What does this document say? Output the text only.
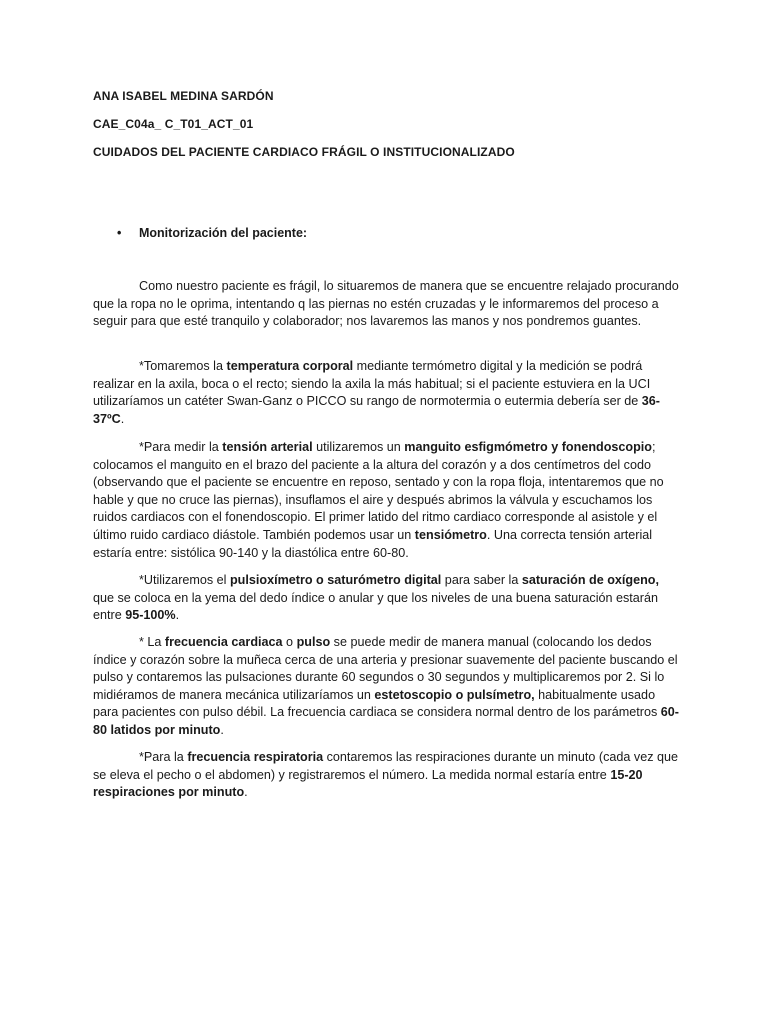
ANA ISABEL MEDINA SARDÓN
CAE_C04a_ C_T01_ACT_01
CUIDADOS DEL PACIENTE CARDIACO FRÁGIL O INSTITUCIONALIZADO
• Monitorización del paciente:

Como nuestro paciente es frágil, lo situaremos de manera que se encuentre relajado procurando que la ropa no le oprima, intentando q las piernas no estén cruzadas y le informaremos del proceso a seguir para que esté tranquilo y colaborador; nos lavaremos las manos y nos pondremos guantes.

*Tomaremos la temperatura corporal mediante termómetro digital y la medición se podrá realizar en la axila, boca o el recto; siendo la axila la más habitual; si el paciente estuviera en la UCI utilizaríamos un catéter Swan-Ganz o PICCO su rango de normotermia o eutermia debería ser de 36-37ºC.

*Para medir la tensión arterial utilizaremos un manguito esfigmómetro y fonendoscopio; colocamos el manguito en el brazo del paciente a la altura del corazón y a dos centímetros del codo (observando que el paciente se encuentre en reposo, sentado y con la ropa floja, intentaremos que no hable y que no cruce las piernas), insuflamos el aire y después abrimos la válvula y escuchamos los ruidos cardiacos con el fonendoscopio. El primer latido del ritmo cardiaco corresponde al asistole y el último ruido cardiaco diástole. También podemos usar un tensiómetro. Una correcta tensión arterial estaría entre: sistólica 90-140 y la diastólica entre 60-80.

*Utilizaremos el pulsioxímetro o saturómetro digital para saber la saturación de oxígeno, que se coloca en la yema del dedo índice o anular y que los niveles de una buena saturación estarán entre 95-100%.

* La frecuencia cardiaca o pulso se puede medir de manera manual (colocando los dedos índice y corazón sobre la muñeca cerca de una arteria y presionar suavemente del paciente buscando el pulso y contaremos las pulsaciones durante 60 segundos o 30 segundos y multiplicaremos por 2. Si lo midiéramos de manera mecánica utilizaríamos un estetoscopio o pulsímetro, habitualmente usado para pacientes con pulso débil. La frecuencia cardiaca se considera normal dentro de los parámetros 60-80 latidos por minuto.

*Para la frecuencia respiratoria contaremos las respiraciones durante un minuto (cada vez que se eleva el pecho o el abdomen) y registraremos el número. La medida normal estaría entre 15-20 respiraciones por minuto.
